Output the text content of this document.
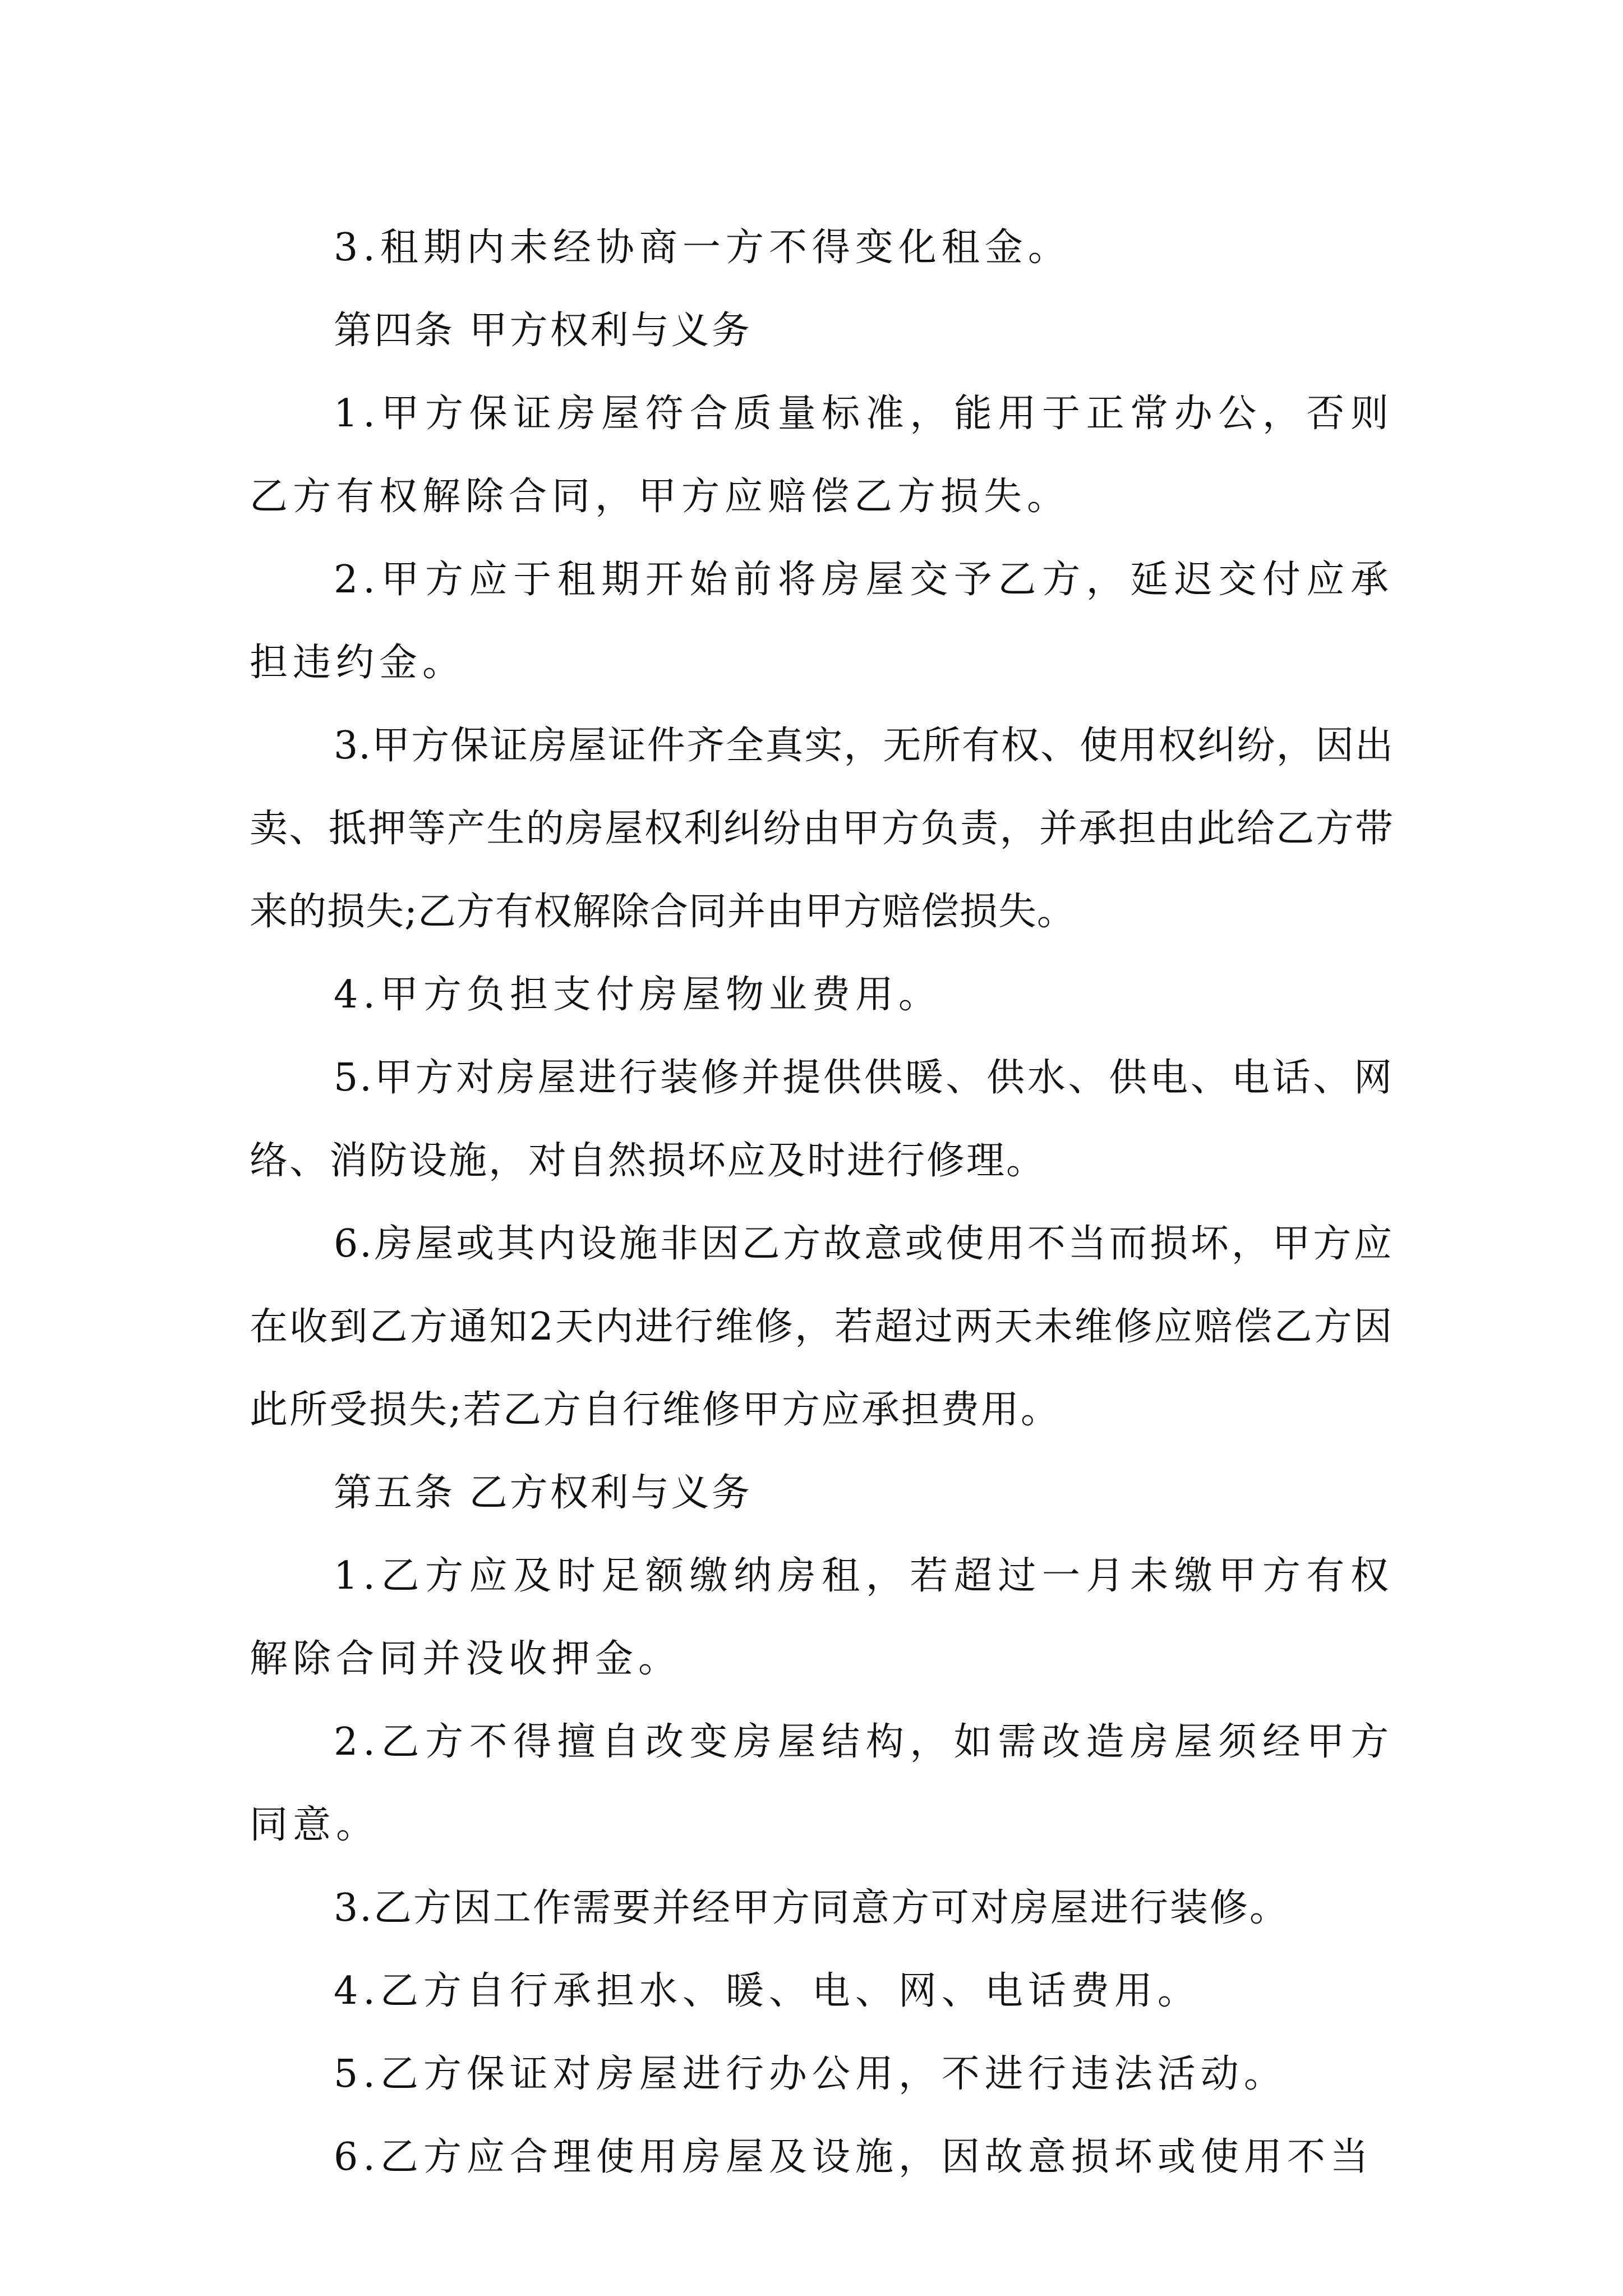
3.租期内未经协商一方不得变化租金。

第四条 甲方权利与义务

1.甲方保证房屋符合质量标准，能用于正常办公，否则乙方有权解除合同，甲方应赔偿乙方损失。

2.甲方应于租期开始前将房屋交予乙方，延迟交付应承担违约金。

3.甲方保证房屋证件齐全真实，无所有权、使用权纠纷，因出卖、抵押等产生的房屋权利纠纷由甲方负责，并承担由此给乙方带来的损失;乙方有权解除合同并由甲方赔偿损失。

4.甲方负担支付房屋物业费用。

5.甲方对房屋进行装修并提供供暖、供水、供电、电话、网络、消防设施，对自然损坏应及时进行修理。

6.房屋或其内设施非因乙方故意或使用不当而损坏，甲方应在收到乙方通知2天内进行维修，若超过两天未维修应赔偿乙方因此所受损失;若乙方自行维修甲方应承担费用。

第五条 乙方权利与义务

1.乙方应及时足额缴纳房租，若超过一月未缴甲方有权解除合同并没收押金。

2.乙方不得擅自改变房屋结构，如需改造房屋须经甲方同意。

3.乙方因工作需要并经甲方同意方可对房屋进行装修。

4.乙方自行承担水、暖、电、网、电话费用。

5.乙方保证对房屋进行办公用，不进行违法活动。

6.乙方应合理使用房屋及设施，因故意损坏或使用不当
